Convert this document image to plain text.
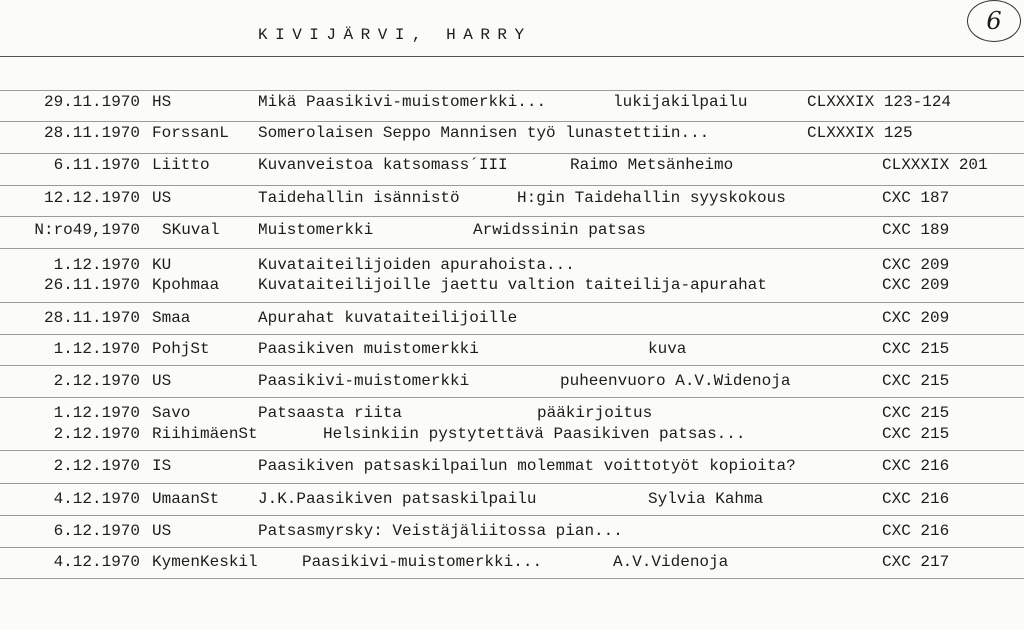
KIVIJÄRVI, HARRY	6
29.11.1970 HS	Mikä Paasikivi-muistomerkki...	lukijakilpailu	CLXXXIX 123-124
28.11.1970 ForssanL Somerolaisen Seppo Mannisen työ lunastettiin...	CLXXXIX 125
6.11.1970 Liitto	Kuvanveistoa katsomass´III	Raimo Metsänheimo	CLXXXIX 201
12.12.1970 US	Taidehallin isännistö	H:gin Taidehallin syyskokous	CXC 187
N:ro49,1970 SKuval Muistomerkki	Arwidssinin patsas	CXC 189
1.12.1970 KU	Kuvataiteilijoiden apurahoista...	CXC 209
26.11.1970 Kpohmaa Kuvataiteilijoille jaettu valtion taiteilija-apurahat	CXC 209
28.11.1970 Smaa	Apurahat kuvataiteilijoille	CXC 209
1.12.1970 PohjSt	Paasikiven muistomerkki	kuva	CXC 215
2.12.1970 US	Paasikivi-muistomerkki	puheenvuoro A.V.Widenoja	CXC 215
1.12.1970 Savo	Patsaasta riita	pääkirjoitus	CXC 215
2.12.1970 RiihimäenSt	Helsinkiin pystytettävä Paasikiven patsas...	CXC 215
2.12.1970 IS	Paasikiven patsaskilpailun molemmat voittotyöt kopioita?	CXC 216
4.12.1970 UmaanSt J.K.Paasikiven patsaskilpailu	Sylvia Kahma	CXC 216
6.12.1970 US	Patsasmyrsky: Veistäjäliitossa pian...	CXC 216
4.12.1970 KymenKeskil	Paasikivi-muistomerkki...	A.V.Videnoja	CXC 217
